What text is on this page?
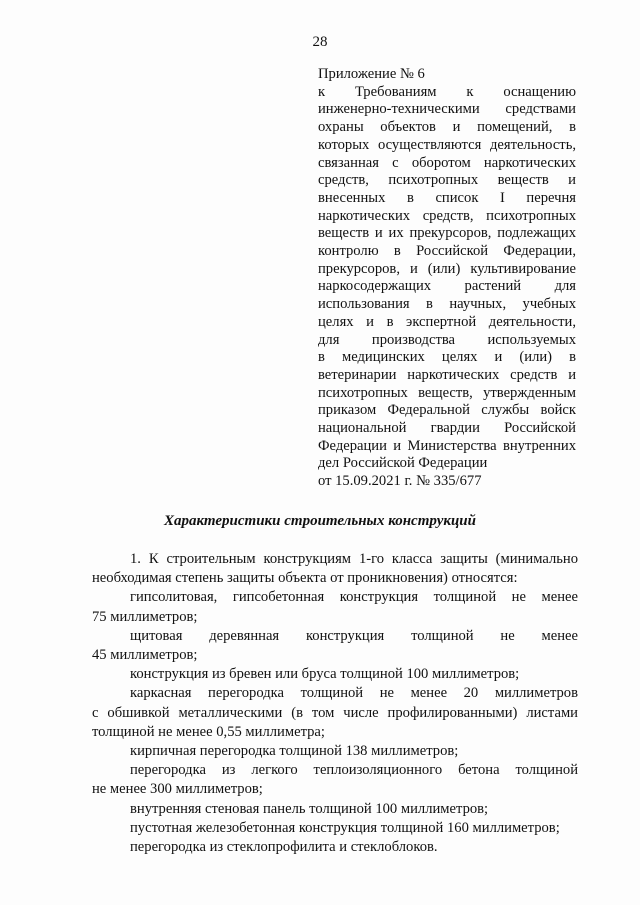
28
Приложение № 6
к Требованиям к оснащению
инженерно-техническими средствами
охраны объектов и помещений, в
которых осуществляются деятельность,
связанная с оборотом наркотических
средств, психотропных веществ и
внесенных в список I перечня
наркотических средств, психотропных
веществ и их прекурсоров, подлежащих
контролю в Российской Федерации,
прекурсоров, и (или) культивирование
наркосодержащих растений для
использования в научных, учебных
целях и в экспертной деятельности,
для производства используемых
в медицинских целях и (или) в
ветеринарии наркотических средств и
психотропных веществ, утвержденным
приказом Федеральной службы войск
национальной гвардии Российской
Федерации и Министерства внутренних
дел Российской Федерации
от 15.09.2021 г. № 335/677
Характеристики строительных конструкций
1. К строительным конструкциям 1-го класса защиты (минимально
необходимая степень защиты объекта от проникновения) относятся:
гипсолитовая, гипсобетонная конструкция толщиной не менее
75 миллиметров;
щитовая деревянная конструкция толщиной не менее
45 миллиметров;
конструкция из бревен или бруса толщиной 100 миллиметров;
каркасная перегородка толщиной не менее 20 миллиметров
с обшивкой металлическими (в том числе профилированными) листами
толщиной не менее 0,55 миллиметра;
кирпичная перегородка толщиной 138 миллиметров;
перегородка из легкого теплоизоляционного бетона толщиной
не менее 300 миллиметров;
внутренняя стеновая панель толщиной 100 миллиметров;
пустотная железобетонная конструкция толщиной 160 миллиметров;
перегородка из стеклопрофилита и стеклоблоков.
